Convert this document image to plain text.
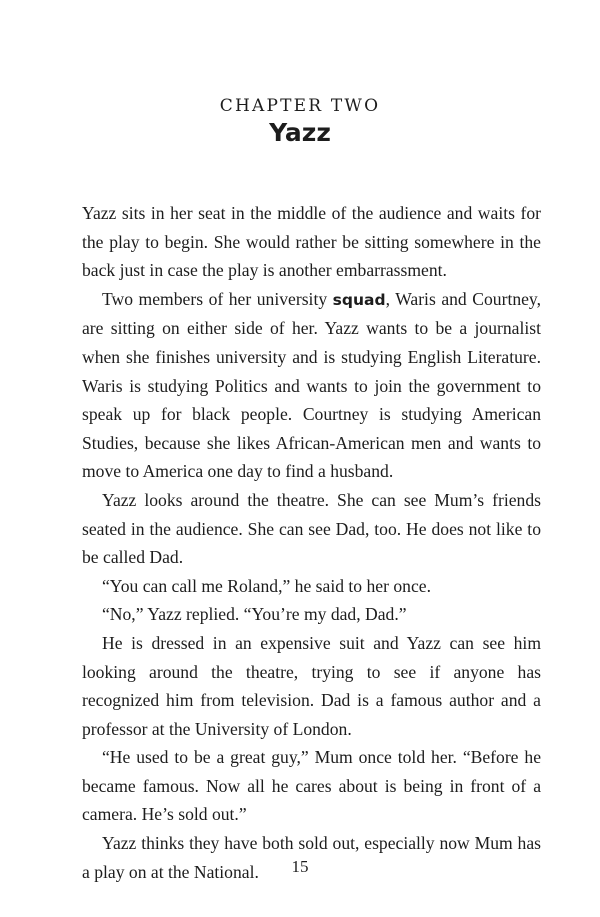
CHAPTER TWO
Yazz

Yazz sits in her seat in the middle of the audience and waits for the play to begin. She would rather be sitting somewhere in the back just in case the play is another embarrassment.

Two members of her university squad, Waris and Courtney, are sitting on either side of her. Yazz wants to be a journalist when she finishes university and is studying English Literature. Waris is studying Politics and wants to join the government to speak up for black people. Courtney is studying American Studies, because she likes African-American men and wants to move to America one day to find a husband.

Yazz looks around the theatre. She can see Mum’s friends seated in the audience. She can see Dad, too. He does not like to be called Dad.

“You can call me Roland,” he said to her once.

“No,” Yazz replied. “You’re my dad, Dad.”

He is dressed in an expensive suit and Yazz can see him looking around the theatre, trying to see if anyone has recognized him from television. Dad is a famous author and a professor at the University of London.

“He used to be a great guy,” Mum once told her. “Before he became famous. Now all he cares about is being in front of a camera. He’s sold out.”

Yazz thinks they have both sold out, especially now Mum has a play on at the National.	15
